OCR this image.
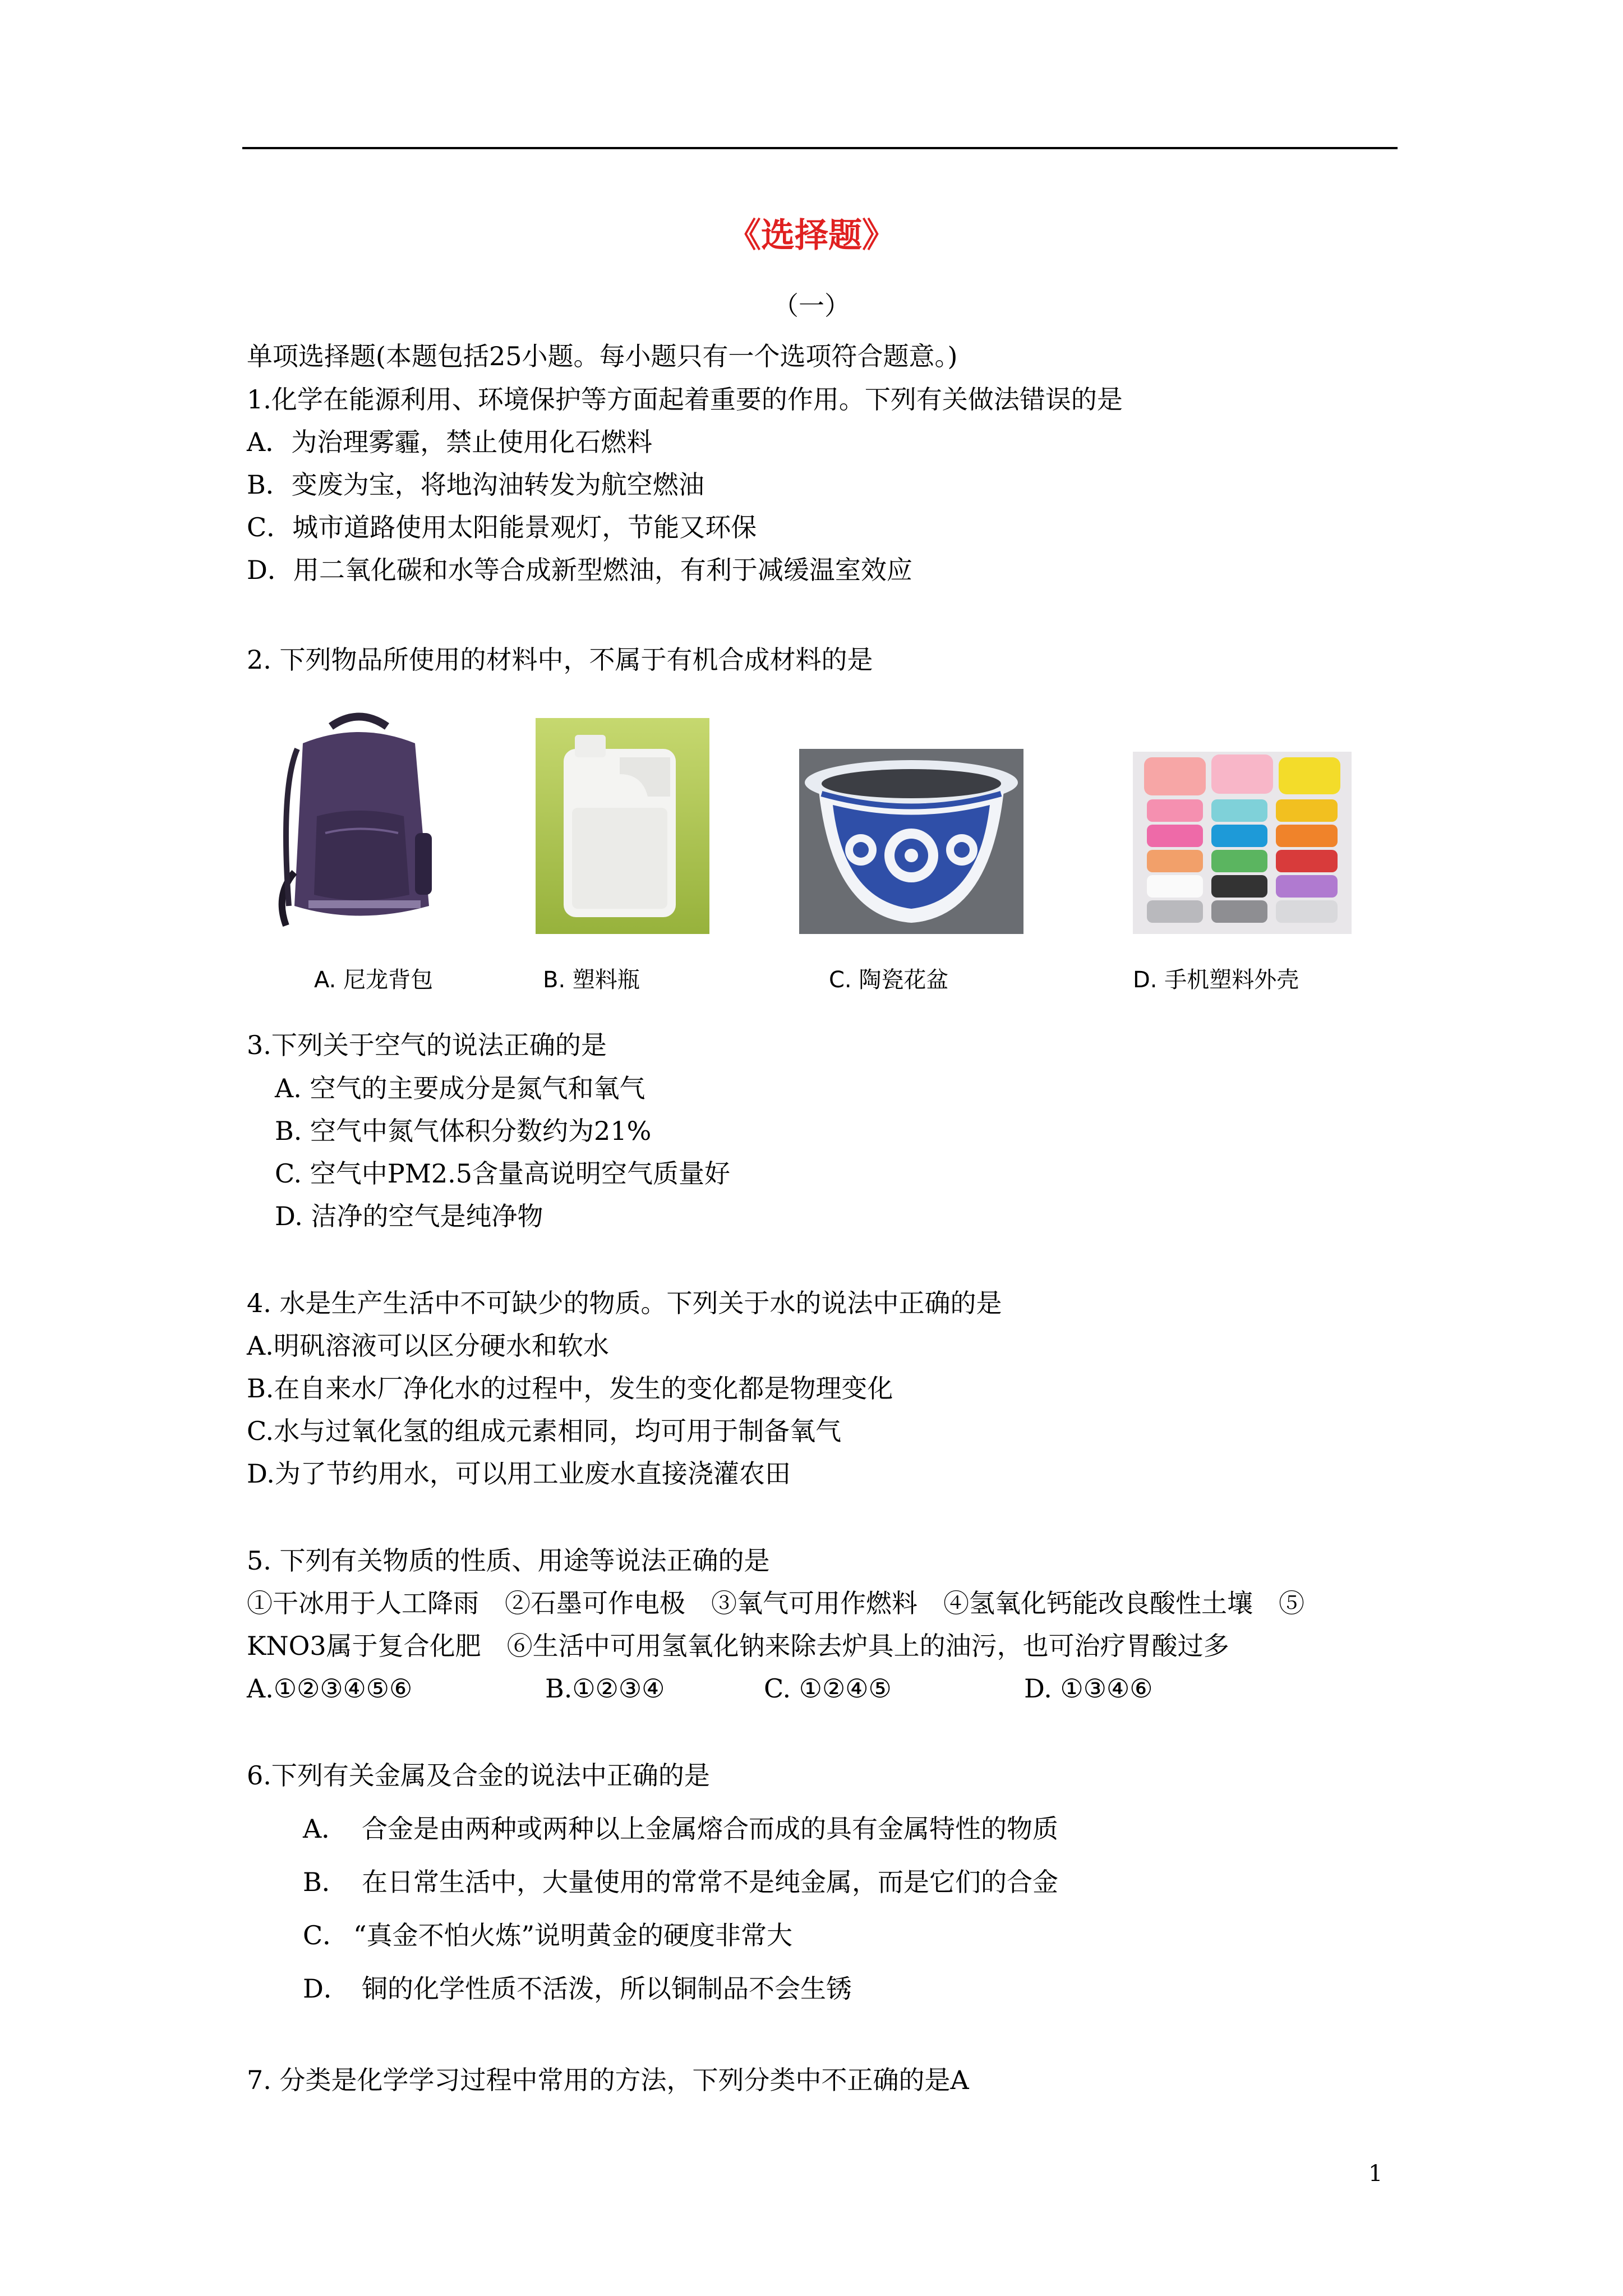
《选择题》
（一）
单项选择题(本题包括25小题。每小题只有一个选项符合题意。)
1.化学在能源利用、环境保护等方面起着重要的作用。下列有关做法错误的是
A．为治理雾霾，禁止使用化石燃料
B．变废为宝，将地沟油转发为航空燃油
C．城市道路使用太阳能景观灯，节能又环保
D．用二氧化碳和水等合成新型燃油，有利于减缓温室效应
2. 下列物品所使用的材料中，不属于有机合成材料的是
A. 尼龙背包	B. 塑料瓶	C. 陶瓷花盆	D. 手机塑料外壳
3.下列关于空气的说法正确的是
A. 空气的主要成分是氮气和氧气
B. 空气中氮气体积分数约为21%
C. 空气中PM2.5含量高说明空气质量好
D. 洁净的空气是纯净物
4. 水是生产生活中不可缺少的物质。下列关于水的说法中正确的是
A.明矾溶液可以区分硬水和软水
B.在自来水厂净化水的过程中，发生的变化都是物理变化
C.水与过氧化氢的组成元素相同，均可用于制备氧气
D.为了节约用水，可以用工业废水直接浇灌农田
5. 下列有关物质的性质、用途等说法正确的是
①干冰用于人工降雨　②石墨可作电极　③氧气可用作燃料　④氢氧化钙能改良酸性土壤　⑤
KNO3属于复合化肥　⑥生活中可用氢氧化钠来除去炉具上的油污，也可治疗胃酸过多
A.①②③④⑤⑥	B.①②③④	C. ①②④⑤	D. ①③④⑥
6.下列有关金属及合金的说法中正确的是
A． 合金是由两种或两种以上金属熔合而成的具有金属特性的物质
B． 在日常生活中，大量使用的常常不是纯金属，而是它们的合金
C． “真金不怕火炼”说明黄金的硬度非常大
D． 铜的化学性质不活泼，所以铜制品不会生锈
7. 分类是化学学习过程中常用的方法，下列分类中不正确的是A
1
